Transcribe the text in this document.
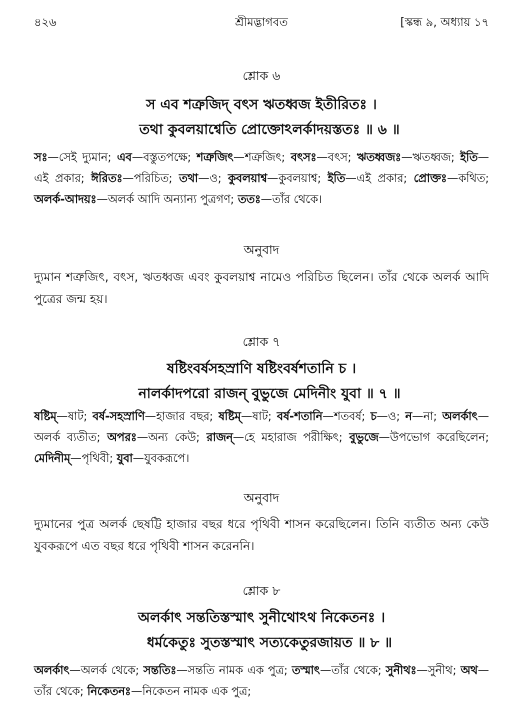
৪২৬	শ্রীমদ্ভাগবত	[স্কন্ধ ৯, অধ্যায় ১৭
শ্লোক ৬
স এব শত্রুজিদ্ বৎস ঋতধ্বজ ইতীরিতঃ ।
তথা কুবলয়াশ্বেতি প্রোক্তোঽলর্কাদয়স্ততঃ ॥ ৬ ॥
সঃ—সেই দ্যুমান; এব—বস্তুতপক্ষে; শত্রুজিৎ—শত্রুজিৎ; বৎসঃ—বৎস; ঋতধ্বজঃ—ঋতধ্বজ; ইতি—এই প্রকার; ঈরিতঃ—পরিচিত; তথা—ও; কুবলয়াশ্ব—কুবলয়াশ্ব; ইতি—এই প্রকার; প্রোক্তঃ—কথিত; অলর্ক-আদয়ঃ—অলর্ক আদি অন্যান্য পুত্রগণ; ততঃ—তাঁর থেকে।
অনুবাদ
দ্যুমান শত্রুজিৎ, বৎস, ঋতধ্বজ এবং কুবলয়াশ্ব নামেও পরিচিত ছিলেন। তাঁর থেকে অলর্ক আদি পুত্রের জন্ম হয়।
শ্লোক ৭
ষষ্টিংবর্ষসহস্রাণি ষষ্টিংবর্ষশতানি চ ।
নালর্কাদপরো রাজন্ বুভুজে মেদিনীং যুবা ॥ ৭ ॥
ষষ্টিম্—ষাট; বর্ষ-সহস্রাণি—হাজার বছর; ষষ্টিম্—ষাট; বর্ষ-শতানি—শতবর্ষ; চ—ও; ন—না; অলর্কাৎ—অলর্ক ব্যতীত; অপরঃ—অন্য কেউ; রাজন্—হে মহারাজ পরীক্ষিৎ; বুভুজে—উপভোগ করেছিলেন; মেদিনীম্—পৃথিবী; যুবা—যুবকরূপে।
অনুবাদ
দ্যুমানের পুত্র অলর্ক ছেষট্টি হাজার বছর ধরে পৃথিবী শাসন করেছিলেন। তিনি ব্যতীত অন্য কেউ যুবকরূপে এত বছর ধরে পৃথিবী শাসন করেননি।
শ্লোক ৮
অলর্কাৎ সন্ততিস্তস্মাৎ সুনীথোঽথ নিকেতনঃ ।
ধর্মকেতুঃ সুতস্তস্মাৎ সত্যকেতুরজায়ত ॥ ৮ ॥
অলর্কাৎ—অলর্ক থেকে; সন্ততিঃ—সন্ততি নামক এক পুত্র; তস্মাৎ—তাঁর থেকে; সুনীথঃ—সুনীথ; অথ—তাঁর থেকে; নিকেতনঃ—নিকেতন নামক এক পুত্র;
